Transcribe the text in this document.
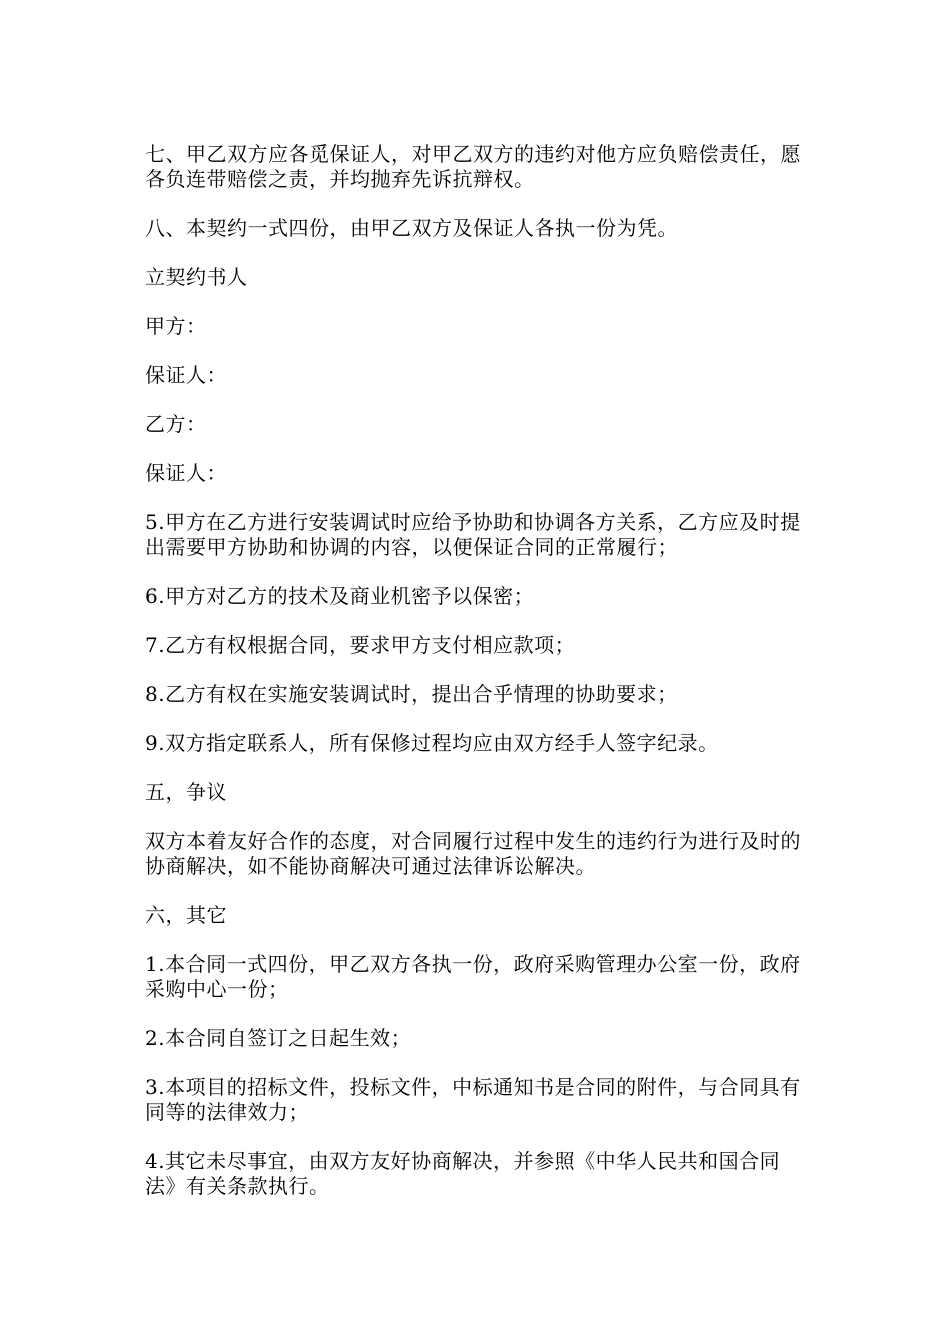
七、甲乙双方应各觅保证人，对甲乙双方的违约对他方应负赔偿责任，愿各负连带赔偿之责，并均抛弃先诉抗辩权。

八、本契约一式四份，由甲乙双方及保证人各执一份为凭。

立契约书人

甲方：

保证人：

乙方：

保证人：

5.甲方在乙方进行安装调试时应给予协助和协调各方关系，乙方应及时提出需要甲方协助和协调的内容，以便保证合同的正常履行；

6.甲方对乙方的技术及商业机密予以保密；

7.乙方有权根据合同，要求甲方支付相应款项；

8.乙方有权在实施安装调试时，提出合乎情理的协助要求；

9.双方指定联系人，所有保修过程均应由双方经手人签字纪录。

五，争议

双方本着友好合作的态度，对合同履行过程中发生的违约行为进行及时的协商解决，如不能协商解决可通过法律诉讼解决。

六，其它

1.本合同一式四份，甲乙双方各执一份，政府采购管理办公室一份，政府采购中心一份；

2.本合同自签订之日起生效；

3.本项目的招标文件，投标文件，中标通知书是合同的附件，与合同具有同等的法律效力；

4.其它未尽事宜，由双方友好协商解决，并参照《中华人民共和国合同法》有关条款执行。
